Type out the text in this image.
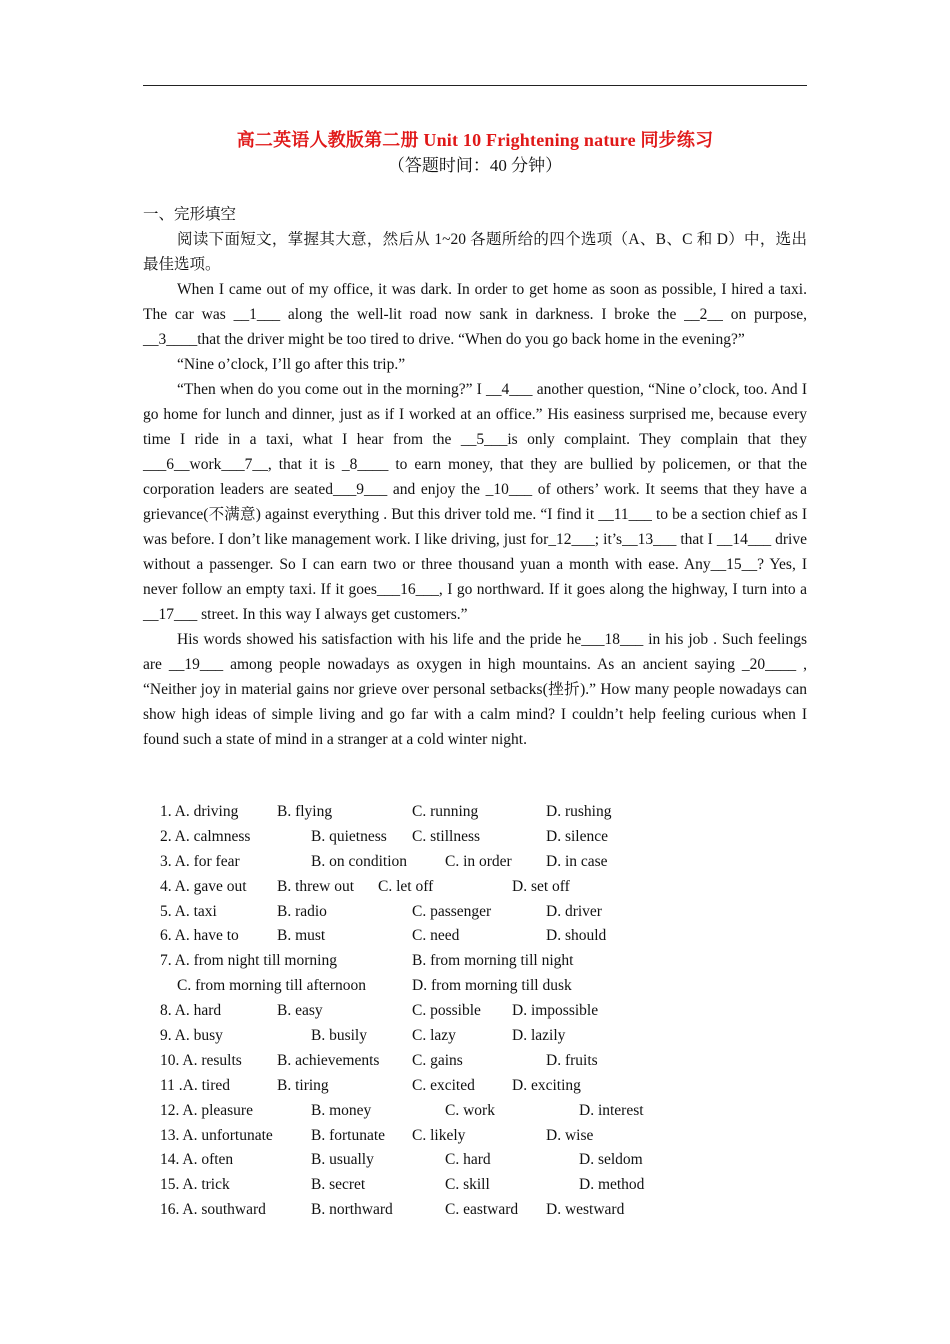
高二英语人教版第二册 Unit 10 Frightening nature 同步练习
（答题时间：40 分钟）

一、完形填空

阅读下面短文，掌握其大意，然后从 1~20 各题所给的四个选项（A、B、C 和 D）中，选出最佳选项。

When I came out of my office, it was dark. In order to get home as soon as possible, I hired a taxi. The car was __1___ along the well-lit road now sank in darkness. I broke the __2__ on purpose, __3____that the driver might be too tired to drive. “When do you go back home in the evening?”

“Nine o’clock, I’ll go after this trip.”

“Then when do you come out in the morning?” I __4___ another question, “Nine o’clock, too. And I go home for lunch and dinner, just as if I worked at an office.” His easiness surprised me, because every time I ride in a taxi, what I hear from the __5___is only complaint. They complain that they ___6__work___7__, that it is _8____ to earn money, that they are bullied by policemen, or that the corporation leaders are seated___9___ and enjoy the _10___ of others’ work. It seems that they have a grievance(不满意) against everything . But this driver told me. “I find it __11___ to be a section chief as I was before. I don’t like management work. I like driving, just for_12___; it’s__13___ that I __14___ drive without a passenger. So I can earn two or three thousand yuan a month with ease. Any__15__? Yes, I never follow an empty taxi. If it goes___16___, I go northward. If it goes along the highway, I turn into a __17___ street. In this way I always get customers.”

His words showed his satisfaction with his life and the pride he___18___ in his job . Such feelings are __19___ among people nowadays as oxygen in high mountains. As an ancient saying _20____ , “Neither joy in material gains nor grieve over personal setbacks(挫折).” How many people nowadays can show high ideas of simple living and go far with a calm mind? I couldn’t help feeling curious when I found such a state of mind in a stranger at a cold winter night.

1. A. driving B. flying	C. running	D. rushing
2. A. calmness	B. quietness C. stillness	D. silence
3. A. for fear	B. on condition C. in order D. in case
4. A. gave out B. threw out C. let off	D. set off
5. A. taxi	B. radio	C. passenger	D. driver
6. A. have to B. must	C. need	D. should
7. A. from night till morning	B. from morning till night
C. from morning till afternoon	D. from morning till dusk
8. A. hard	B. easy	C. possible D. impossible
9. A. busy	B. busily	C. lazy	D. lazily
10. A. results B. achievements C. gains	D. fruits
11 .A. tired	B. tiring	C. excited D. exciting
12. A. pleasure	B. money	C. work	D. interest
13. A. unfortunate B. fortunate C. likely	D. wise
14. A. often	B. usually	C. hard	D. seldom
15. A. trick	B. secret	C. skill	D. method
16. A. southward	B. northward	C. eastward D. westward
